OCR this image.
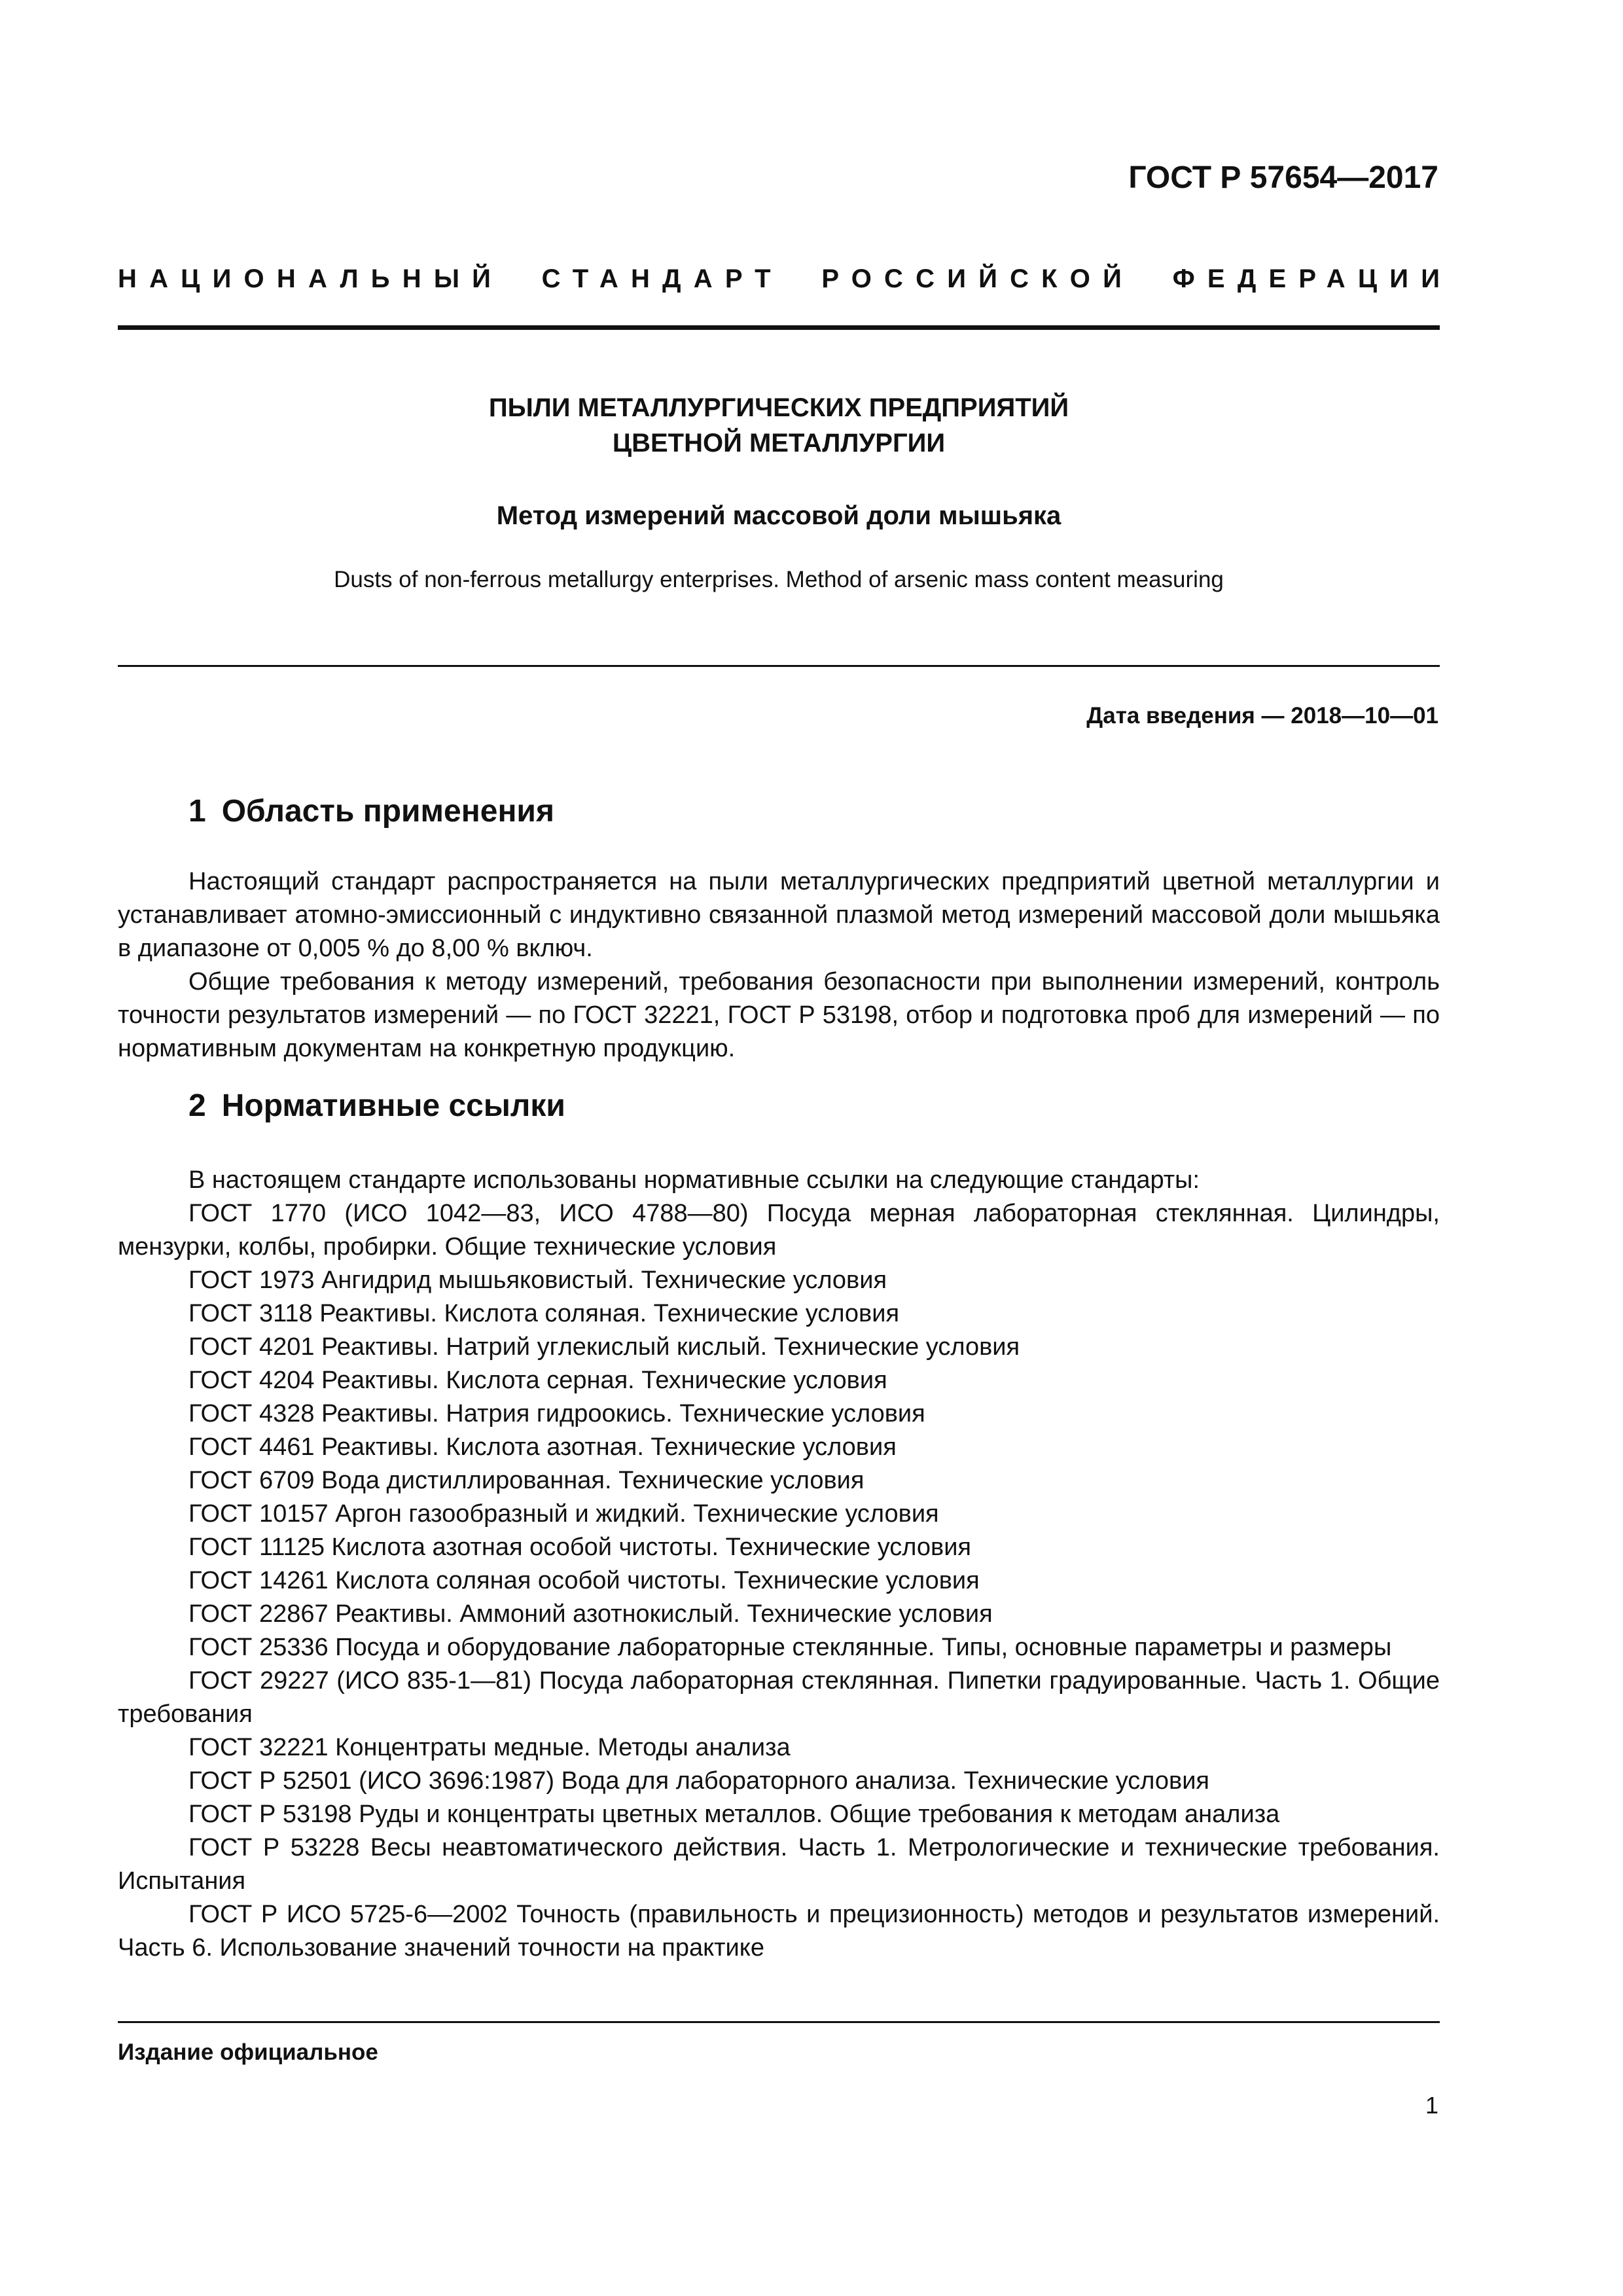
ГОСТ Р 57654—2017
НАЦИОНАЛЬНЫЙ СТАНДАРТ РОССИЙСКОЙ ФЕДЕРАЦИИ
ПЫЛИ МЕТАЛЛУРГИЧЕСКИХ ПРЕДПРИЯТИЙ
ЦВЕТНОЙ МЕТАЛЛУРГИИ
Метод измерений массовой доли мышьяка
Dusts of non-ferrous metallurgy enterprises. Method of arsenic mass content measuring
Дата введения — 2018—10—01
1 Область применения

Настоящий стандарт распространяется на пыли металлургических предприятий цветной металлургии и устанавливает атомно-эмиссионный с индуктивно связанной плазмой метод измерений массовой доли мышьяка в диапазоне от 0,005 % до 8,00 % включ.

Общие требования к методу измерений, требования безопасности при выполнении измерений, контроль точности результатов измерений — по ГОСТ 32221, ГОСТ Р 53198, отбор и подготовка проб для измерений — по нормативным документам на конкретную продукцию.

2 Нормативные ссылки

В настоящем стандарте использованы нормативные ссылки на следующие стандарты:

ГОСТ 1770 (ИСО 1042—83, ИСО 4788—80) Посуда мерная лабораторная стеклянная. Цилиндры, мензурки, колбы, пробирки. Общие технические условия

ГОСТ 1973 Ангидрид мышьяковистый. Технические условия

ГОСТ 3118 Реактивы. Кислота соляная. Технические условия

ГОСТ 4201 Реактивы. Натрий углекислый кислый. Технические условия

ГОСТ 4204 Реактивы. Кислота серная. Технические условия

ГОСТ 4328 Реактивы. Натрия гидроокись. Технические условия

ГОСТ 4461 Реактивы. Кислота азотная. Технические условия

ГОСТ 6709 Вода дистиллированная. Технические условия

ГОСТ 10157 Аргон газообразный и жидкий. Технические условия

ГОСТ 11125 Кислота азотная особой чистоты. Технические условия

ГОСТ 14261 Кислота соляная особой чистоты. Технические условия

ГОСТ 22867 Реактивы. Аммоний азотнокислый. Технические условия

ГОСТ 25336 Посуда и оборудование лабораторные стеклянные. Типы, основные параметры и размеры

ГОСТ 29227 (ИСО 835-1—81) Посуда лабораторная стеклянная. Пипетки градуированные. Часть 1. Общие требования

ГОСТ 32221 Концентраты медные. Методы анализа

ГОСТ Р 52501 (ИСО 3696:1987) Вода для лабораторного анализа. Технические условия

ГОСТ Р 53198 Руды и концентраты цветных металлов. Общие требования к методам анализа

ГОСТ Р 53228 Весы неавтоматического действия. Часть 1. Метрологические и технические требования. Испытания

ГОСТ Р ИСО 5725-6—2002 Точность (правильность и прецизионность) методов и результатов измерений. Часть 6. Использование значений точности на практике

Издание официальное
1
